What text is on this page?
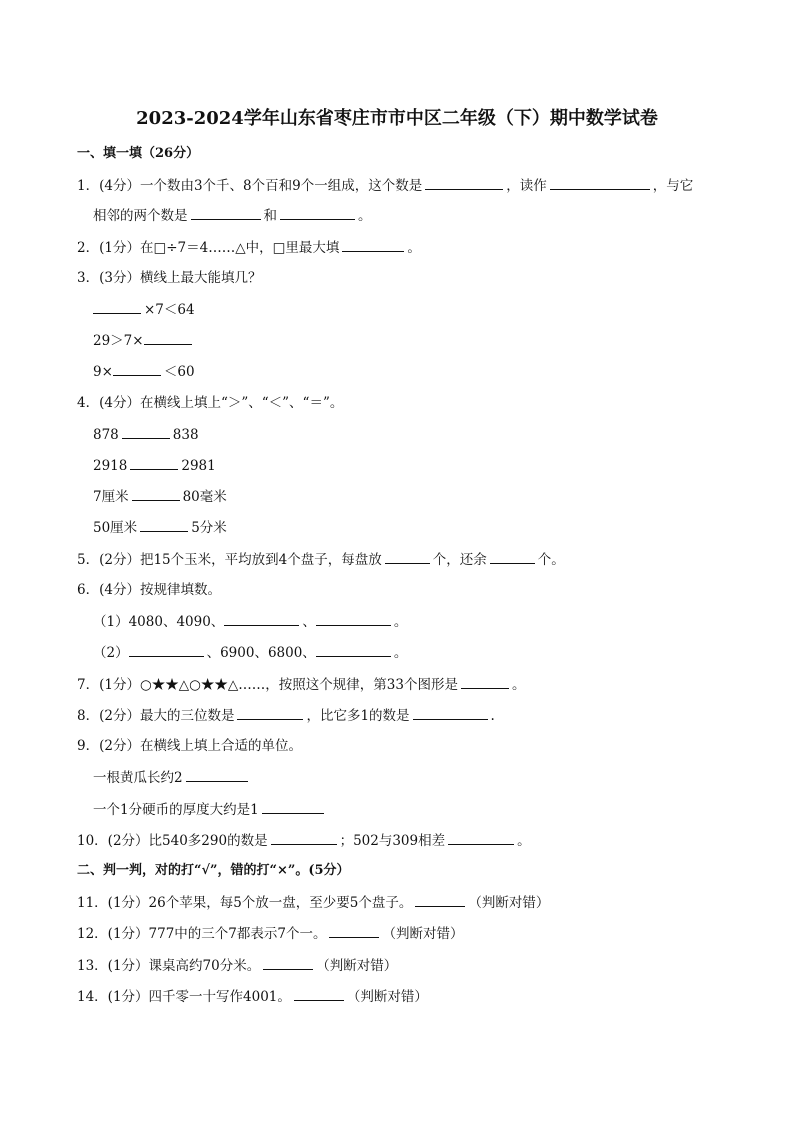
2023-2024学年山东省枣庄市市中区二年级（下）期中数学试卷
一、填一填（26分）
1．(4分）一个数由3个千、8个百和9个一组成，这个数是	，读作	，与它
相邻的两个数是	和	。
2．(1分）在□÷7＝4……△中，□里最大填	。
3．(3分）横线上最大能填几？
×7＜64
29＞7×
9×	＜60
4．(4分）在横线上填上“＞”、“＜”、“＝”。
878	838
2918	2981
7厘米	80毫米
50厘米	5分米
5．(2分）把15个玉米，平均放到4个盘子，每盘放	个，还余	个。
6．(4分）按规律填数。
（1）4080、4090、	、	。
（2）	、6900、6800、	。
7．(1分）○★★△○★★△……，按照这个规律，第33个图形是	。
8．(2分）最大的三位数是	，比它多1的数是	.
9．(2分）在横线上填上合适的单位。
一根黄瓜长约2
一个1分硬币的厚度大约是1
10．(2分）比540多290的数是	；502与309相差	。
二、判一判，对的打“√”，错的打“×”。(5分）
11．(1分）26个苹果，每5个放一盘，至少要5个盘子。	（判断对错）
12．(1分）777中的三个7都表示7个一。	（判断对错）
13．(1分）课桌高约70分米。	（判断对错）
14．(1分）四千零一十写作4001。	（判断对错）
